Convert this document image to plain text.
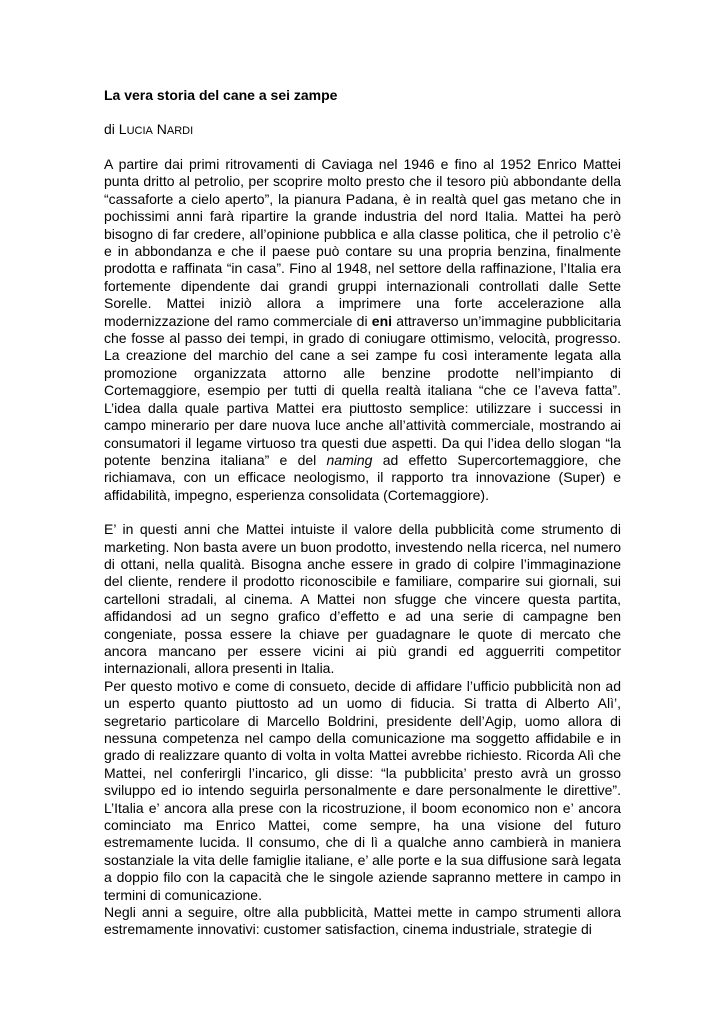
La vera storia del cane a sei zampe

di LUCIA NARDI

A partire dai primi ritrovamenti di Caviaga nel 1946 e fino al 1952 Enrico Mattei punta dritto al petrolio, per scoprire molto presto che il tesoro più abbondante della “cassaforte a cielo aperto”, la pianura Padana, è in realtà quel gas metano che in pochissimi anni farà ripartire la grande industria del nord Italia. Mattei ha però bisogno di far credere, all’opinione pubblica e alla classe politica, che il petrolio c’è e in abbondanza e che il paese può contare su una propria benzina, finalmente prodotta e raffinata “in casa”. Fino al 1948, nel settore della raffinazione, l’Italia era fortemente dipendente dai grandi gruppi internazionali controllati dalle Sette Sorelle. Mattei iniziò allora a imprimere una forte accelerazione alla modernizzazione del ramo commerciale di eni attraverso un’immagine pubblicitaria che fosse al passo dei tempi, in grado di coniugare ottimismo, velocità, progresso. La creazione del marchio del cane a sei zampe fu così interamente legata alla promozione organizzata attorno alle benzine prodotte nell’impianto di Cortemaggiore, esempio per tutti di quella realtà italiana “che ce l’aveva fatta”. L’idea dalla quale partiva Mattei era piuttosto semplice: utilizzare i successi in campo minerario per dare nuova luce anche all’attività commerciale, mostrando ai consumatori il legame virtuoso tra questi due aspetti. Da qui l’idea dello slogan “la potente benzina italiana” e del naming ad effetto Supercortemaggiore, che richiamava, con un efficace neologismo, il rapporto tra innovazione (Super) e affidabilità, impegno, esperienza consolidata (Cortemaggiore).

E’ in questi anni che Mattei intuiste il valore della pubblicità come strumento di marketing. Non basta avere un buon prodotto, investendo nella ricerca, nel numero di ottani, nella qualità. Bisogna anche essere in grado di colpire l’immaginazione del cliente, rendere il prodotto riconoscibile e familiare, comparire sui giornali, sui cartelloni stradali, al cinema. A Mattei non sfugge che vincere questa partita, affidandosi ad un segno grafico d’effetto e ad una serie di campagne ben congeniate, possa essere la chiave per guadagnare le quote di mercato che ancora mancano per essere vicini ai più grandi ed agguerriti competitor internazionali, allora presenti in Italia.

Per questo motivo e come di consueto, decide di affidare l’ufficio pubblicità non ad un esperto quanto piuttosto ad un uomo di fiducia. Si tratta di Alberto Alì’, segretario particolare di Marcello Boldrini, presidente dell’Agip, uomo allora di nessuna competenza nel campo della comunicazione ma soggetto affidabile e in grado di realizzare quanto di volta in volta Mattei avrebbe richiesto. Ricorda Alì che Mattei, nel conferirgli l’incarico, gli disse: “la pubblicita’ presto avrà un grosso sviluppo ed io intendo seguirla personalmente e dare personalmente le direttive”. L’Italia e’ ancora alla prese con la ricostruzione, il boom economico non e’ ancora cominciato ma Enrico Mattei, come sempre, ha una visione del futuro estremamente lucida. Il consumo, che di lì a qualche anno cambierà in maniera sostanziale la vita delle famiglie italiane, e’ alle porte e la sua diffusione sarà legata a doppio filo con la capacità che le singole aziende sapranno mettere in campo in termini di comunicazione.

Negli anni a seguire, oltre alla pubblicità, Mattei mette in campo strumenti allora estremamente innovativi: customer satisfaction, cinema industriale, strategie di
